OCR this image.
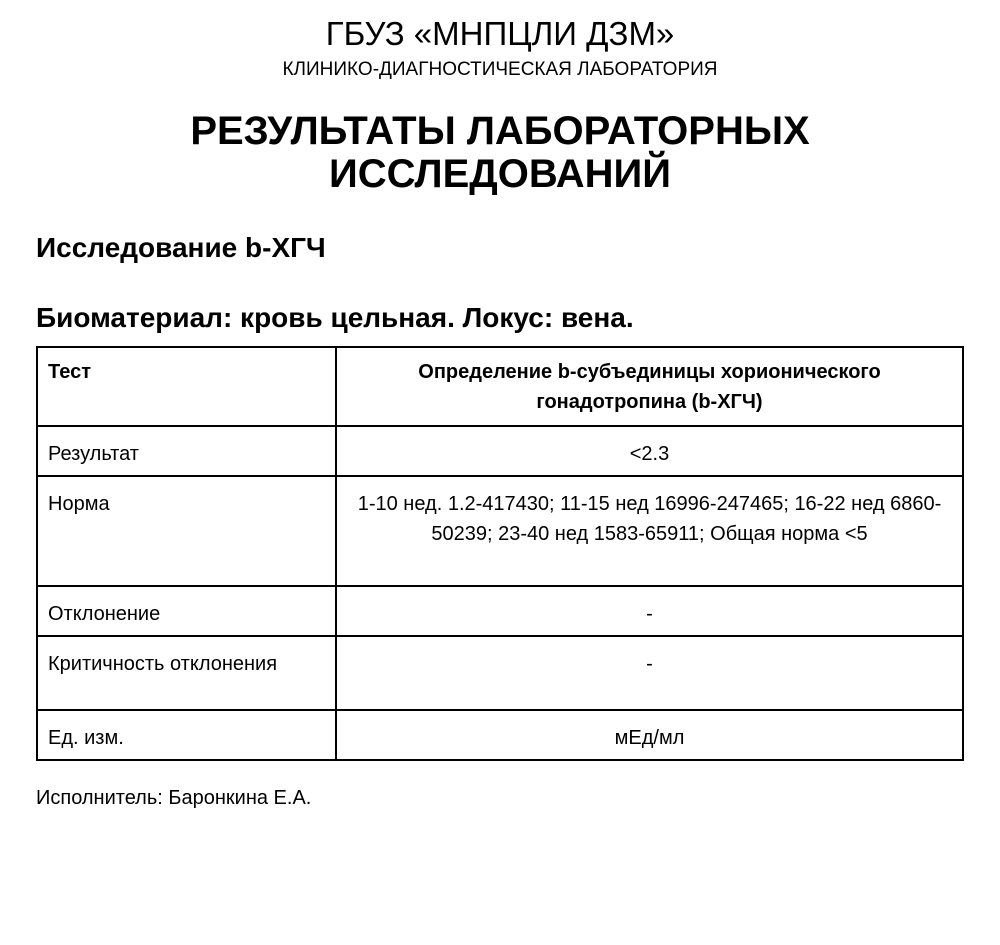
ГБУЗ «МНПЦЛИ ДЗМ»
КЛИНИКО-ДИАГНОСТИЧЕСКАЯ ЛАБОРАТОРИЯ
РЕЗУЛЬТАТЫ ЛАБОРАТОРНЫХ
ИССЛЕДОВАНИЙ
Исследование b-ХГЧ
Биоматериал: кровь цельная. Локус: вена.
Тест	Определение b-субъединицы хорионического гонадотропина (b-ХГЧ)
Результат	<2.3
Норма	1-10 нед. 1.2-417430; 11-15 нед 16996-247465; 16-22 нед 6860-50239; 23-40 нед 1583-65911; Общая норма <5
Отклонение	-
Критичность отклонения	-
Ед. изм.	мЕд/мл
Исполнитель: Баронкина Е.А.
